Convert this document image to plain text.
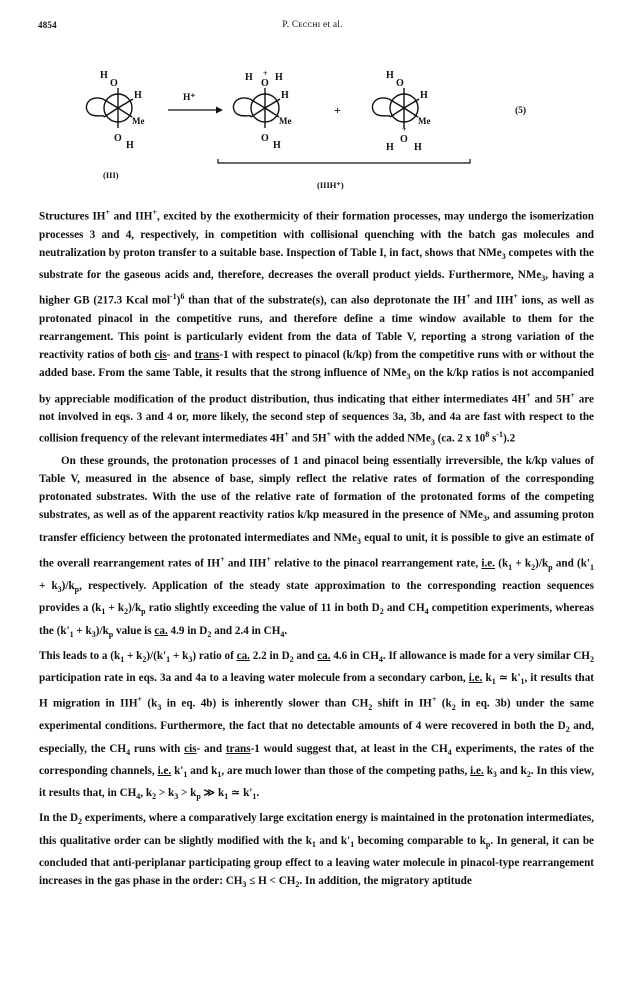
4854	P. Cᴇᴄᴄʜɪ et al.
H
O
H
Me
O
H
(III)
H⁺
H
O
+ H
H
Me
O
H
+
H
O
H
Me
H
O
+
H
(5)
(IIIH⁺)

Structures IH+ and IIH+, excited by the exothermicity of their formation processes, may undergo the isomerization processes 3 and 4, respectively, in competition with collisional quenching with the batch gas molecules and neutralization by proton transfer to a suitable base. Inspection of Table I, in fact, shows that NMe$_3$ competes with the substrate for the gaseous acids and, therefore, decreases the overall product yields. Furthermore, NMe$_3$, having a higher GB (217.3 Kcal mol$^{-1}$)$^6$ than that of the substrate(s), can also deprotonate the IH+ and IIH+ ions, as well as protonated pinacol in the competitive runs, and therefore define a time window available to them for the rearrangement. This point is particularly evident from the data of Table V, reporting a strong variation of the reactivity ratios of both cis- and trans-1 with respect to pinacol (k/kp) from the competitive runs with or without the added base. From the same Table, it results that the strong influence of NMe$_3$ on the k/kp ratios is not accompanied by appreciable modification of the product distribution, thus indicating that either intermediates 4H+ and 5H+ are not involved in eqs. 3 and 4 or, more likely, the second step of sequences 3a, 3b, and 4a are fast with respect to the collision frequency of the relevant intermediates 4H+ and 5H+ with the added NMe$_3$ (ca. 2 x $10^8$ $s^{-1}).2$

On these grounds, the protonation processes of 1 and pinacol being essentially irreversible, the k/kp values of Table V, measured in the absence of base, simply reflect the relative rates of formation of the corresponding protonated substrates. With the use of the relative rate of formation of the protonated forms of the competing substrates, as well as of the apparent reactivity ratios k/kp measured in the presence of NMe$_3$, and assuming proton transfer efficiency between the protonated intermediates and NMe$_3$ equal to unit, it is possible to give an estimate of the overall rearrangement rates of IH+ and IIH+ relative to the pinacol rearrangement rate, i.e. $(k_1 + k_2)/k_p$ and $(k'_1 + k_3)/k_p$, respectively. Application of the steady state approximation to the corresponding reaction sequences provides a $(k_1 + k_2)/k_p$ ratio slightly exceeding the value of 11 in both $D_2$ and $CH_4$ competition experiments, whereas the $(k'_1 + k_3)/k_p$ value is ca. 4.9 in $D_2$ and 2.4 in $CH_4$.

This leads to a $(k_1 + k_2)/(k'_1 + k_3)$ ratio of ca. 2.2 in $D_2$ and ca. 4.6 in $CH_4$. If allowance is made for a very similar $CH_2$ participation rate in eqs. 3a and 4a to a leaving water molecule from a secondary carbon, i.e. $k_1$ ≃ $k'_1$, it results that H migration in IIH+ ($k_3$ in eq. 4b) is inherently slower than $CH_2$ shift in IH+ ($k_2$ in eq. 3b) under the same experimental conditions. Furthermore, the fact that no detectable amounts of 4 were recovered in both the $D_2$ and, especially, the $CH_4$ runs with cis- and trans-1 would suggest that, at least in the $CH_4$ experiments, the rates of the corresponding channels, i.e. $k'_1$ and $k_1$, are much lower than those of the competing paths, i.e. $k_3$ and $k_2$. In this view, it results that, in $CH_4$, $k_2 > k_3 > k_p$ ≫ $k_1$ ≃ $k'_1$.

In the $D_2$ experiments, where a comparatively large excitation energy is maintained in the protonation intermediates, this qualitative order can be slightly modified with the $k_1$ and $k'_1$ becoming comparable to $k_p$. In general, it can be concluded that anti-periplanar participating group effect to a leaving water molecule in pinacol-type rearrangement increases in the gas phase in the order: $CH_3 \le H < CH_2$. In addition, the migratory aptitude
